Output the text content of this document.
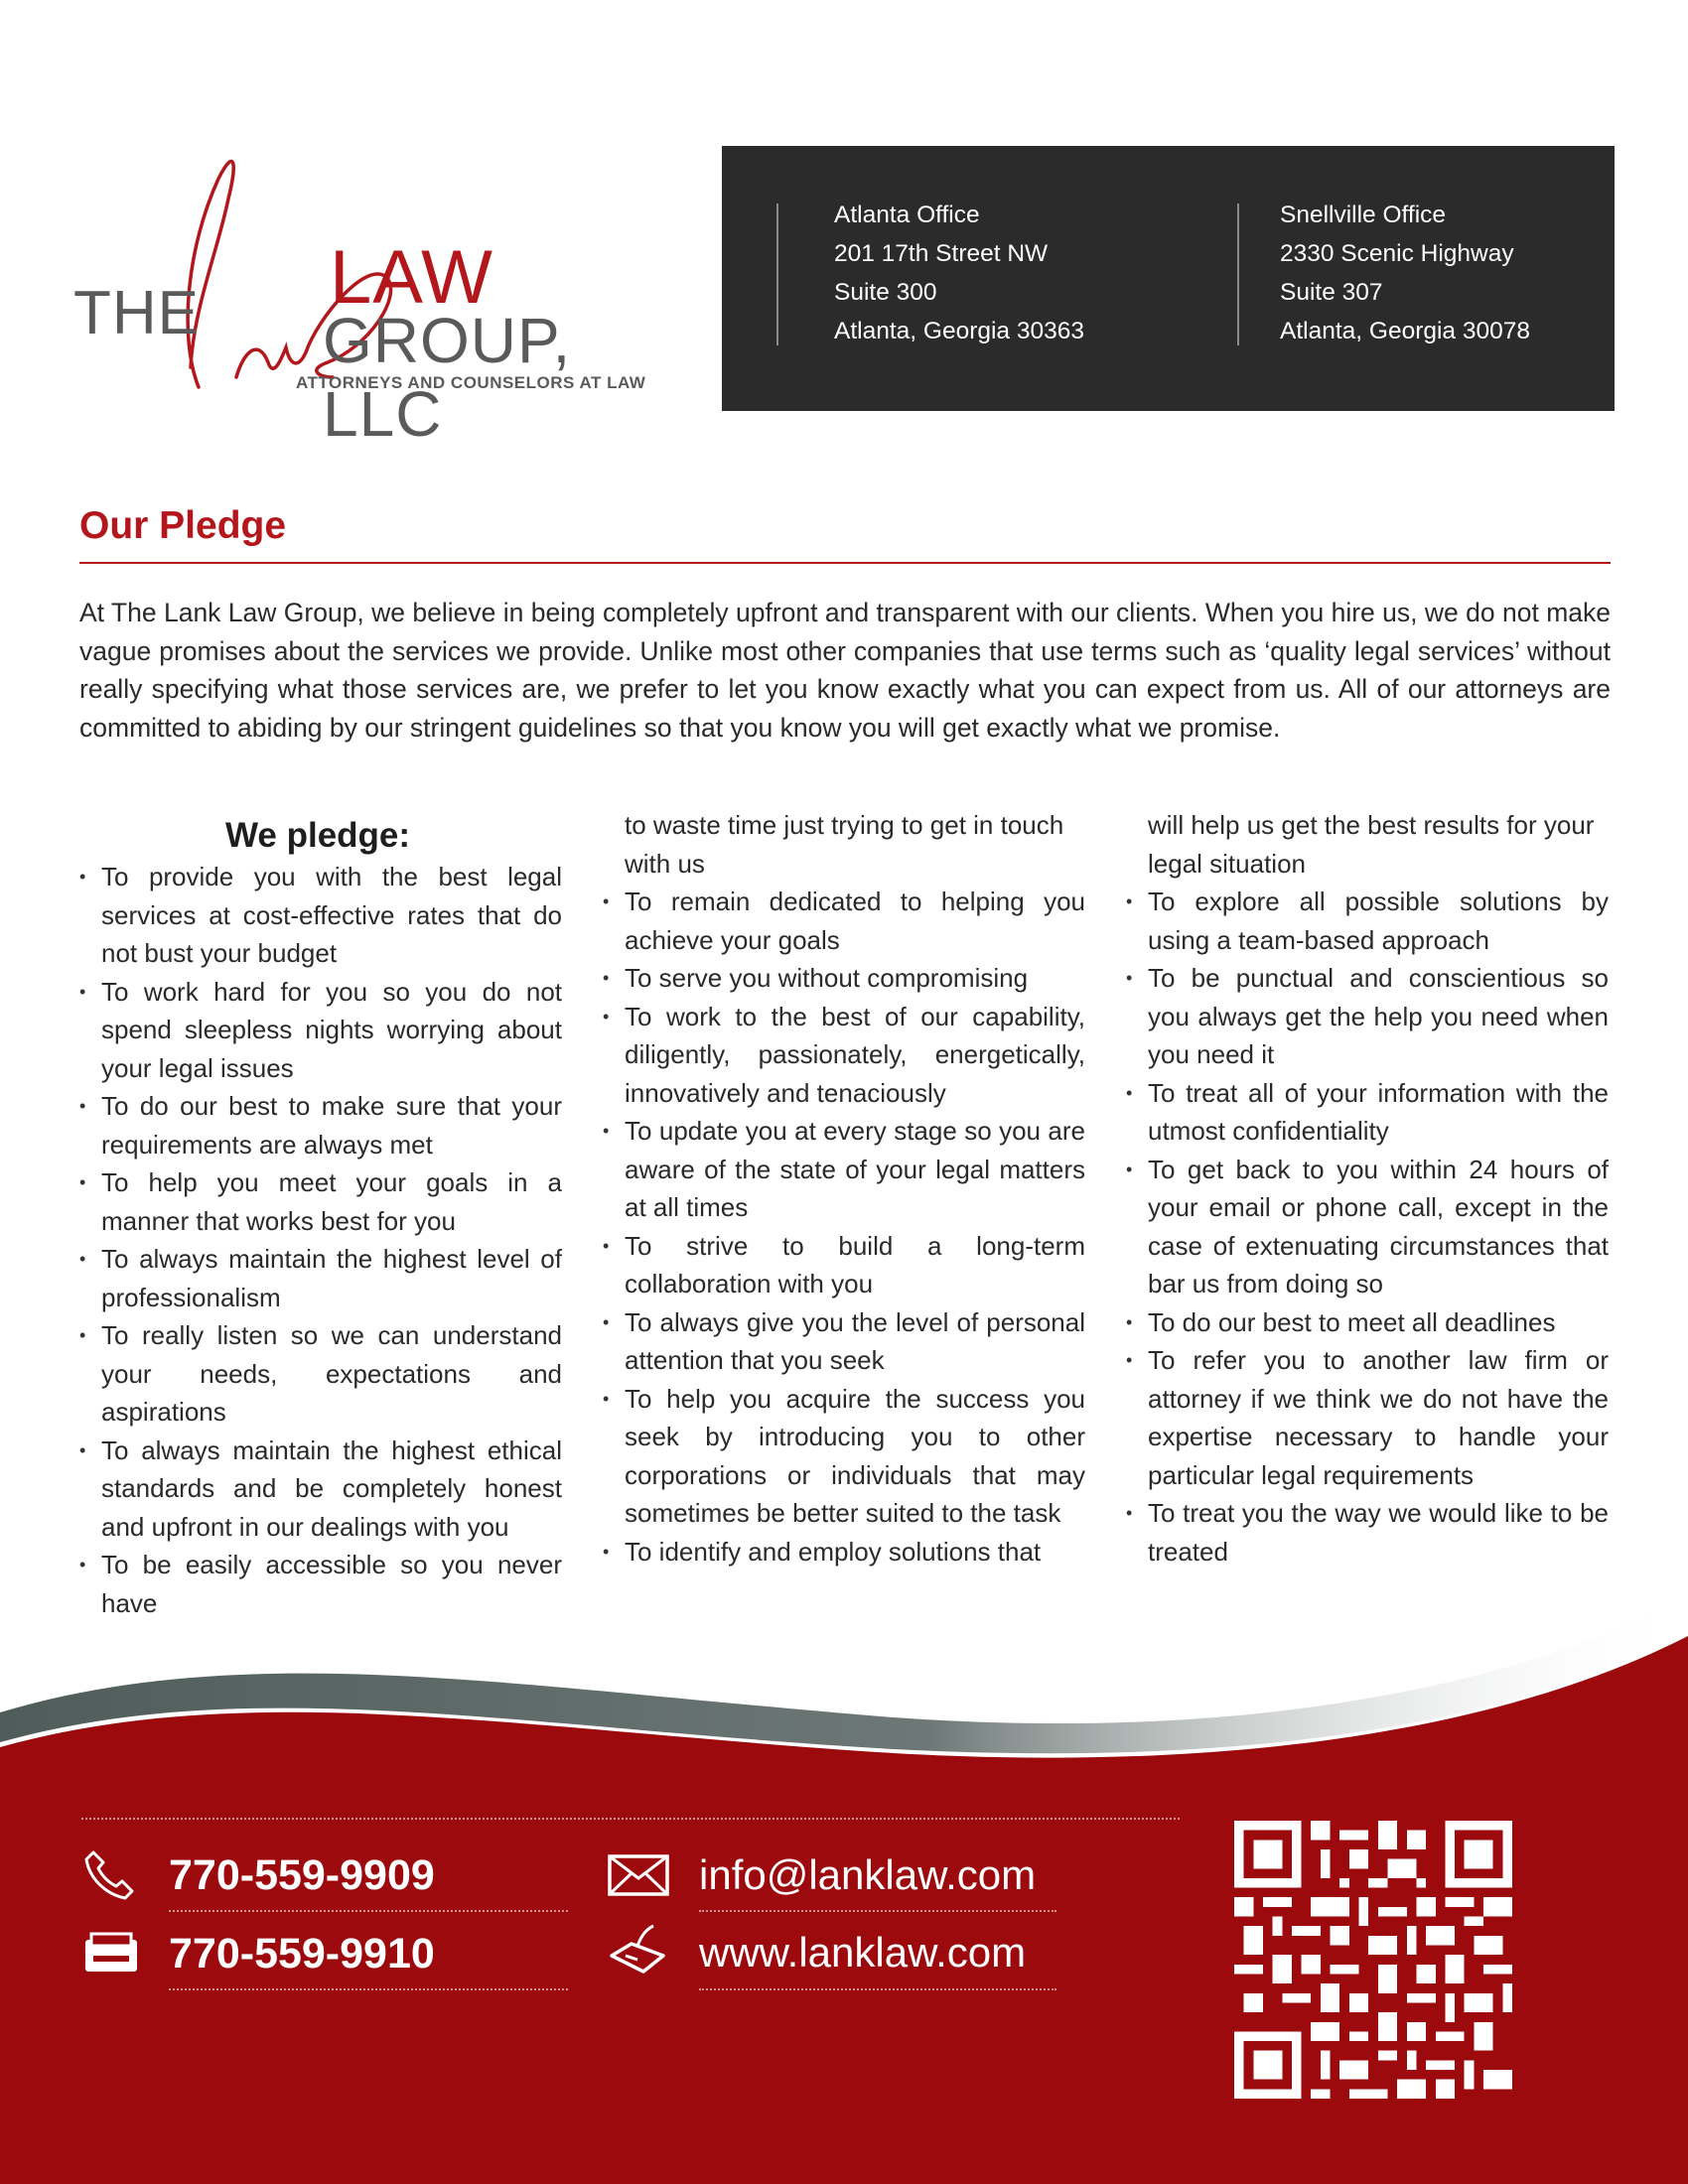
THE LAW
GROUP, LLC
ATTORNEYS AND COUNSELORS AT LAW
Atlanta Office
201 17th Street NW
Suite 300
Atlanta, Georgia 30363
Snellville Office
2330 Scenic Highway
Suite 307
Atlanta, Georgia 30078
Our Pledge

At The Lank Law Group, we believe in being completely upfront and transparent with our clients. When you hire us, we do not make vague promises about the services we provide. Unlike most other companies that use terms such as ‘quality legal services’ without really specifying what those services are, we prefer to let you know exactly what you can expect from us. All of our attorneys are committed to abiding by our stringent guidelines so that you know you will get exactly what we promise.

We pledge:
• To provide you with the best legal services at cost-effective rates that do not bust your budget
• To work hard for you so you do not spend sleepless nights worrying about your legal issues
• To do our best to make sure that your requirements are always met
• To help you meet your goals in a manner that works best for you
• To always maintain the highest level of professionalism
• To really listen so we can understand your needs, expectations and aspirations
• To always maintain the highest ethical standards and be completely honest and upfront in our dealings with you
• To be easily accessible so you never have
to waste time just trying to get in touch with us
• To remain dedicated to helping you achieve your goals
• To serve you without compromising
• To work to the best of our capability, diligently, passionately, energetically, innovatively and tenaciously
• To update you at every stage so you are aware of the state of your legal matters at all times
• To strive to build a long-term collaboration with you
• To always give you the level of personal attention that you seek
• To help you acquire the success you seek by introducing you to other corporations or individuals that may sometimes be better suited to the task
• To identify and employ solutions that
will help us get the best results for your legal situation
• To explore all possible solutions by using a team-based approach
• To be punctual and conscientious so you always get the help you need when you need it
• To treat all of your information with the utmost confidentiality
• To get back to you within 24 hours of your email or phone call, except in the case of extenuating circumstances that bar us from doing so
• To do our best to meet all deadlines
• To refer you to another law firm or attorney if we think we do not have the expertise necessary to handle your particular legal requirements
• To treat you the way we would like to be treated
770-559-9909
770-559-9910
info@lanklaw.com
www.lanklaw.com
